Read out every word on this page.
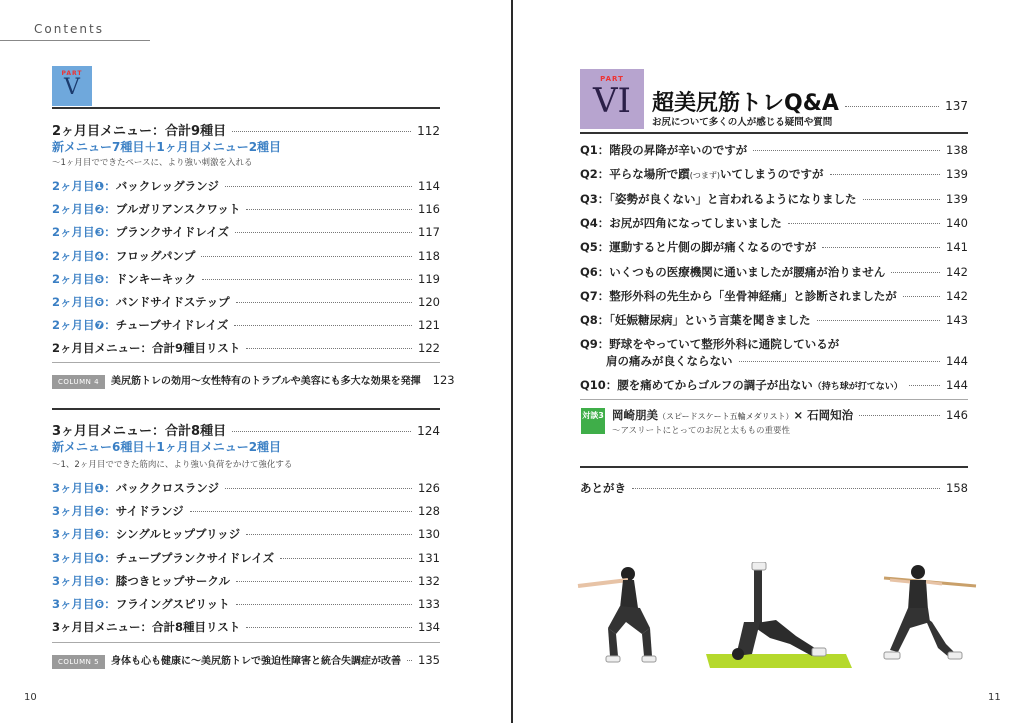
Contents
PART
V
2ヶ月目メニュー：合計9種目	112
新メニュー7種目＋1ヶ月目メニュー2種目
〜1ヶ月目でできたペースに、より強い刺激を入れる
2ヶ月目❶：バックレッグランジ	114
2ヶ月目❷：ブルガリアンスクワット	116
2ヶ月目❸：プランクサイドレイズ	117
2ヶ月目❹：フロッグパンプ	118
2ヶ月目❺：ドンキーキック	119
2ヶ月目❻：バンドサイドステップ	120
2ヶ月目❼：チューブサイドレイズ	121
2ヶ月目メニュー：合計9種目リスト	122
COLUMN 4 美尻筋トレの効用〜女性特有のトラブルや美容にも多大な効果を発揮 123
3ヶ月目メニュー：合計8種目	124
新メニュー6種目＋1ヶ月目メニュー2種目
〜1、2ヶ月目でできた筋肉に、より強い負荷をかけて強化する
3ヶ月目❶：バッククロスランジ	126
3ヶ月目❷：サイドランジ	128
3ヶ月目❸：シングルヒップブリッジ	130
3ヶ月目❹：チューブプランクサイドレイズ	131
3ヶ月目❺：膝つきヒップサークル	132
3ヶ月目❻：フライングスピリット	133
3ヶ月目メニュー：合計8種目リスト	134
COLUMN 5 身体も心も健康に〜美尻筋トレで強迫性障害と統合失調症が改善 135
10
PART
VI 超美尻筋トレQ&A	137
お尻について多くの人が感じる疑問や質問
Q1：階段の昇降が辛いのですが	138
Q2：平らな場所で躓(つまず)いてしまうのですが	139
Q3：「姿勢が良くない」と言われるようになりました	139
Q4：お尻が四角になってしまいました	140
Q5：運動すると片側の脚が痛くなるのですが	141
Q6：いくつもの医療機関に通いましたが腰痛が治りません	142
Q7：整形外科の先生から「坐骨神経痛」と診断されましたが	142
Q8：「妊娠糖尿病」という言葉を聞きました	143
Q9：野球をやっていて整形外科に通院しているが
肩の痛みが良くならない	144
Q10：腰を痛めてからゴルフの調子が出ない（持ち球が打てない）	144
対談3 岡崎朋美（スピードスケート五輪メダリスト）× 石岡知治	146
〜アスリートにとってのお尻と太ももの重要性
あとがき	158
11
